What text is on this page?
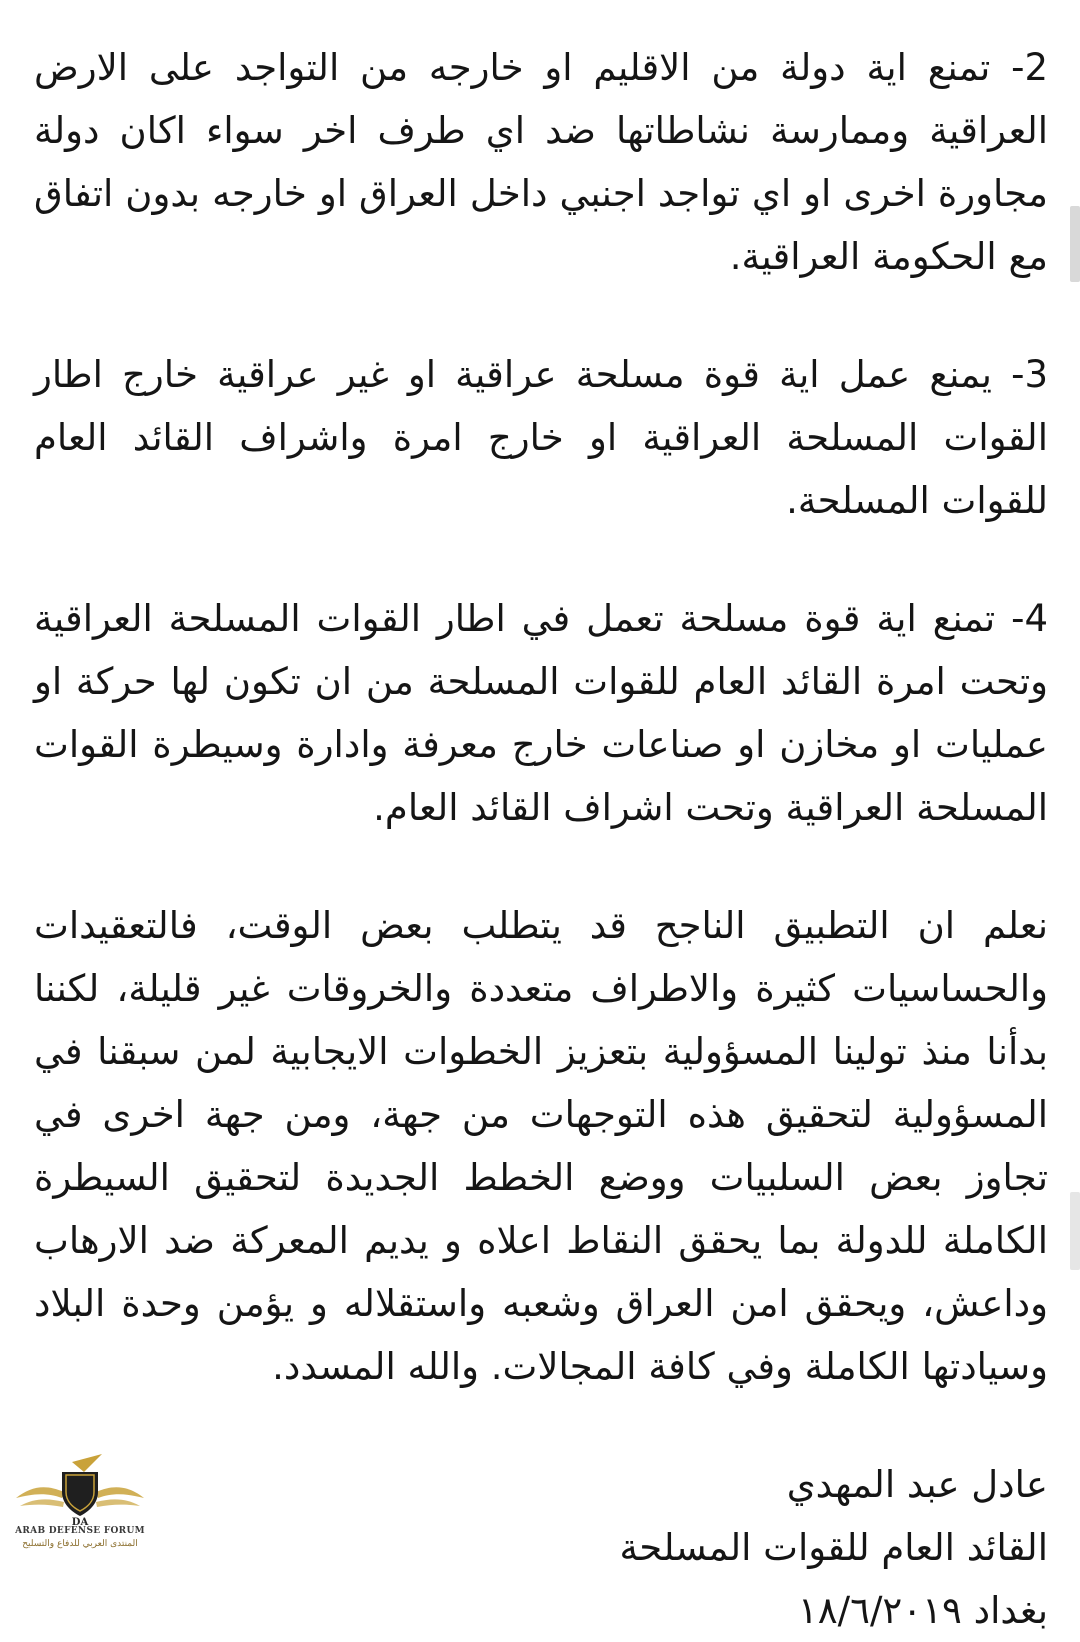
2- تمنع اية دولة من الاقليم او خارجه من التواجد على الارض العراقية وممارسة نشاطاتها ضد اي طرف اخر سواء اكان دولة مجاورة اخرى او اي تواجد اجنبي داخل العراق او خارجه بدون اتفاق مع الحكومة العراقية.

3- يمنع عمل اية قوة مسلحة عراقية او غير عراقية خارج اطار القوات المسلحة العراقية او خارج امرة واشراف القائد العام للقوات المسلحة.

4- تمنع اية قوة مسلحة تعمل في اطار القوات المسلحة العراقية وتحت امرة القائد العام للقوات المسلحة من ان تكون لها حركة او عمليات او مخازن او صناعات خارج معرفة وادارة وسيطرة القوات المسلحة العراقية وتحت اشراف القائد العام.

نعلم ان التطبيق الناجح قد يتطلب بعض الوقت، فالتعقيدات والحساسيات كثيرة والاطراف متعددة والخروقات غير قليلة، لكننا بدأنا منذ تولينا المسؤولية بتعزيز الخطوات الايجابية لمن سبقنا في المسؤولية لتحقيق هذه التوجهات من جهة، ومن جهة اخرى في تجاوز بعض السلبيات ووضع الخطط الجديدة لتحقيق السيطرة الكاملة للدولة بما يحقق النقاط اعلاه و يديم المعركة ضد الارهاب وداعش، ويحقق امن العراق وشعبه واستقلاله و يؤمن وحدة البلاد وسيادتها الكاملة وفي كافة المجالات. والله المسدد.

عادل عبد المهدي
القائد العام للقوات المسلحة
بغداد ١٨/٦/٢٠١٩
DA
ARAB DEFENSE FORUM
المنتدى العربي للدفاع والتسليح
